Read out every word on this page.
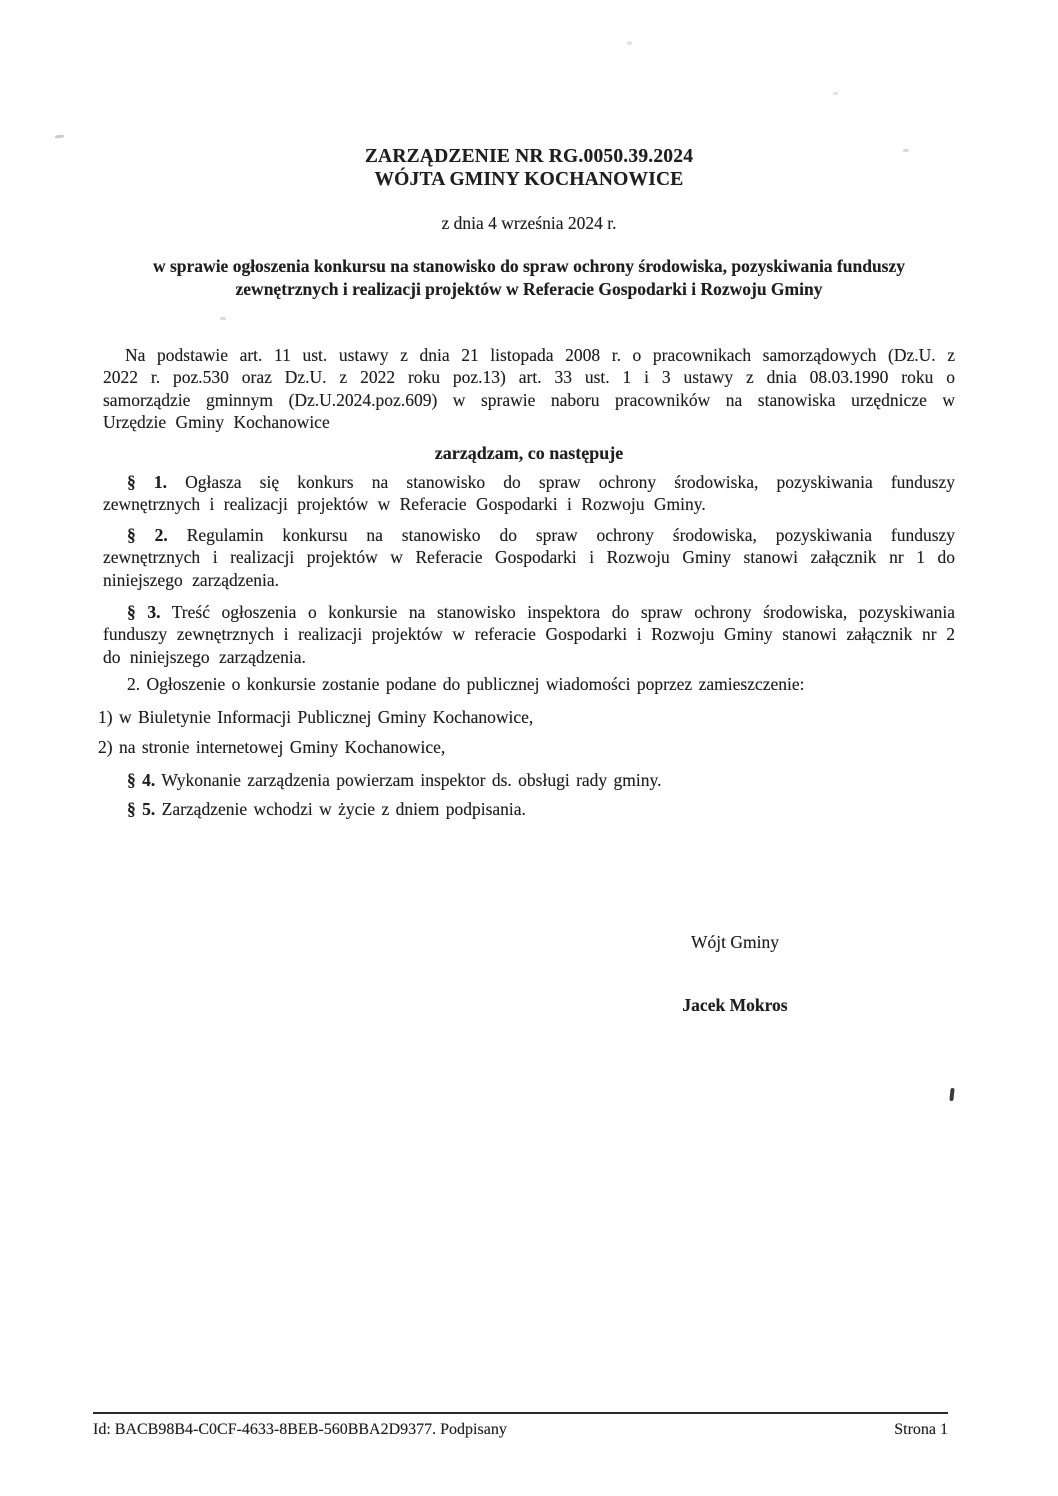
ZARZĄDZENIE NR RG.0050.39.2024
WÓJTA GMINY KOCHANOWICE
z dnia 4 września 2024 r.
w sprawie ogłoszenia konkursu na stanowisko do spraw ochrony środowiska, pozyskiwania funduszy zewnętrznych i realizacji projektów w Referacie Gospodarki i Rozwoju Gminy

Na podstawie art. 11 ust. ustawy z dnia 21 listopada 2008 r. o pracownikach samorządowych (Dz.U. z 2022 r. poz.530 oraz Dz.U. z 2022 roku poz.13) art. 33 ust. 1 i 3 ustawy z dnia 08.03.1990 roku o samorządzie gminnym (Dz.U.2024.poz.609) w sprawie naboru pracowników na stanowiska urzędnicze w Urzędzie Gminy Kochanowice

zarządzam, co następuje

§ 1. Ogłasza się konkurs na stanowisko do spraw ochrony środowiska, pozyskiwania funduszy zewnętrznych i realizacji projektów w Referacie Gospodarki i Rozwoju Gminy.

§ 2. Regulamin konkursu na stanowisko do spraw ochrony środowiska, pozyskiwania funduszy zewnętrznych i realizacji projektów w Referacie Gospodarki i Rozwoju Gminy stanowi załącznik nr 1 do niniejszego zarządzenia.

§ 3. Treść ogłoszenia o konkursie na stanowisko inspektora do spraw ochrony środowiska, pozyskiwania funduszy zewnętrznych i realizacji projektów w referacie Gospodarki i Rozwoju Gminy stanowi załącznik nr 2 do niniejszego zarządzenia.

2. Ogłoszenie o konkursie zostanie podane do publicznej wiadomości poprzez zamieszczenie:

1) w Biuletynie Informacji Publicznej Gminy Kochanowice,

2) na stronie internetowej Gminy Kochanowice,

§ 4. Wykonanie zarządzenia powierzam inspektor ds. obsługi rady gminy.

§ 5. Zarządzenie wchodzi w życie z dniem podpisania.

Wójt Gminy

Jacek Mokros

Id: BACB98B4-C0CF-4633-8BEB-560BBA2D9377. Podpisany	Strona 1
